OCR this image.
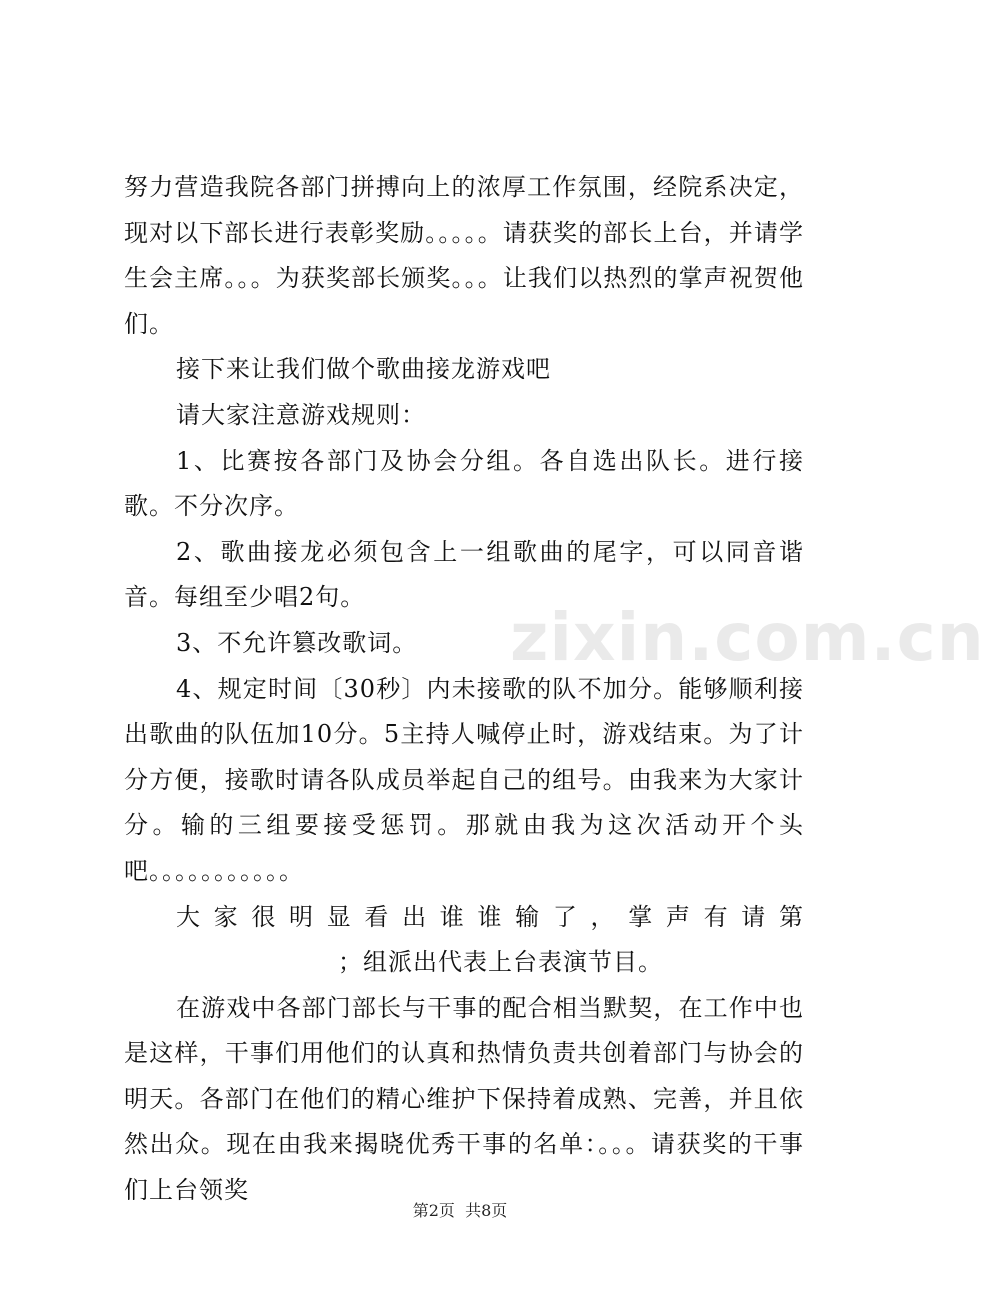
努力营造我院各部门拼搏向上的浓厚工作氛围，经院系决定，现对以下部长进行表彰奖励。。。。。请获奖的部长上台，并请学生会主席。。。为获奖部长颁奖。。。让我们以热烈的掌声祝贺他们。

接下来让我们做个歌曲接龙游戏吧

请大家注意游戏规则：

1、比赛按各部门及协会分组。各自选出队长。进行接歌。不分次序。

2、歌曲接龙必须包含上一组歌曲的尾字，可以同音谐音。每组至少唱2句。

3、不允许篡改歌词。

4、规定时间〔30秒〕内未接歌的队不加分。能够顺利接出歌曲的队伍加10分。5主持人喊停止时，游戏结束。为了计分方便，接歌时请各队成员举起自己的组号。由我来为大家计分。输的三组要接受惩罚。那就由我为这次活动开个头吧。。。。。。。。。。。

大家很明显看出谁谁输了，掌声有请第；组派出代表上台表演节目。

在游戏中各部门部长与干事的配合相当默契，在工作中也是这样，干事们用他们的认真和热情负责共创着部门与协会的明天。各部门在他们的精心维护下保持着成熟、完善，并且依然出众。现在由我来揭晓优秀干事的名单：。。。请获奖的干事们上台领奖

zixin.com.cn
第2页  共8页
